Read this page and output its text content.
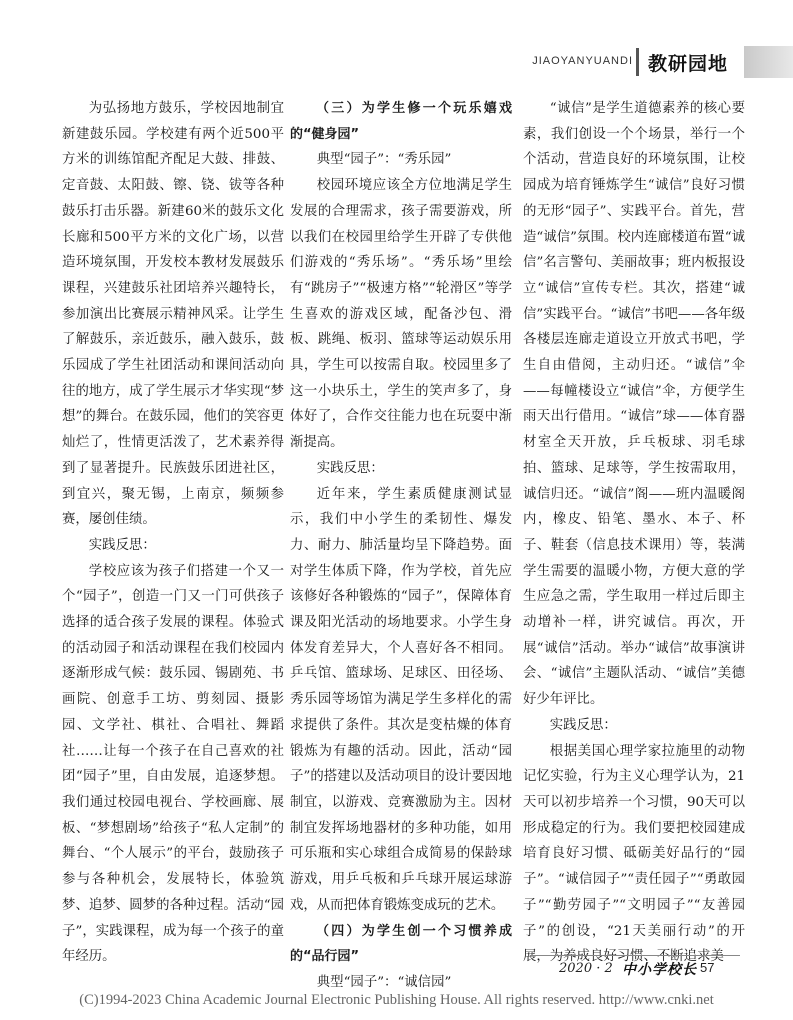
JIAOYANYUANDI 教研园地

为弘扬地方鼓乐，学校因地制宜新建鼓乐园。学校建有两个近500平方米的训练馆配齐配足大鼓、排鼓、定音鼓、太阳鼓、镲、铙、钹等各种鼓乐打击乐器。新建60米的鼓乐文化长廊和500平方米的文化广场，以营造环境氛围，开发校本教材发展鼓乐课程，兴建鼓乐社团培养兴趣特长，参加演出比赛展示精神风采。让学生了解鼓乐，亲近鼓乐，融入鼓乐，鼓乐园成了学生社团活动和课间活动向往的地方，成了学生展示才华实现“梦想”的舞台。在鼓乐园，他们的笑容更灿烂了，性情更活泼了，艺术素养得到了显著提升。民族鼓乐团进社区，到宜兴，聚无锡，上南京，频频参赛，屡创佳绩。

实践反思：

学校应该为孩子们搭建一个又一个“园子”，创造一门又一门可供孩子选择的适合孩子发展的课程。体验式的活动园子和活动课程在我们校园内逐渐形成气候：鼓乐园、锡剧苑、书画院、创意手工坊、剪刻园、摄影园、文学社、棋社、合唱社、舞蹈社……让每一个孩子在自己喜欢的社团“园子”里，自由发展，追逐梦想。我们通过校园电视台、学校画廊、展板、“梦想剧场”给孩子“私人定制”的舞台、“个人展示”的平台，鼓励孩子参与各种机会，发展特长，体验筑梦、追梦、圆梦的各种过程。活动“园子”，实践课程，成为每一个孩子的童年经历。

（三）为学生修一个玩乐嬉戏的“健身园”

典型“园子”：“秀乐园”

校园环境应该全方位地满足学生发展的合理需求，孩子需要游戏，所以我们在校园里给学生开辟了专供他们游戏的“秀乐场”。“秀乐场”里绘有“跳房子”“极速方格”“轮滑区”等学生喜欢的游戏区域，配备沙包、滑板、跳绳、板羽、篮球等运动娱乐用具，学生可以按需自取。校园里多了这一小块乐土，学生的笑声多了，身体好了，合作交往能力也在玩耍中渐渐提高。

实践反思：

近年来，学生素质健康测试显示，我们中小学生的柔韧性、爆发力、耐力、肺活量均呈下降趋势。面对学生体质下降，作为学校，首先应该修好各种锻炼的“园子”，保障体育课及阳光活动的场地要求。小学生身体发育差异大，个人喜好各不相同。乒乓馆、篮球场、足球区、田径场、秀乐园等场馆为满足学生多样化的需求提供了条件。其次是变枯燥的体育锻炼为有趣的活动。因此，活动“园子”的搭建以及活动项目的设计要因地制宜，以游戏、竞赛激励为主。因材制宜发挥场地器材的多种功能，如用可乐瓶和实心球组合成简易的保龄球游戏，用乒乓板和乒乓球开展运球游戏，从而把体育锻炼变成玩的艺术。

（四）为学生创一个习惯养成的“品行园”

典型“园子”：“诚信园”

“诚信”是学生道德素养的核心要素，我们创设一个个场景，举行一个个活动，营造良好的环境氛围，让校园成为培育锤炼学生“诚信”良好习惯的无形“园子”、实践平台。首先，营造“诚信”氛围。校内连廊楼道布置“诚信”名言警句、美丽故事；班内板报设立“诚信”宣传专栏。其次，搭建“诚信”实践平台。“诚信”书吧——各年级各楼层连廊走道设立开放式书吧，学生自由借阅，主动归还。“诚信”伞——每幢楼设立“诚信”伞，方便学生雨天出行借用。“诚信”球——体育器材室全天开放，乒乓板球、羽毛球拍、篮球、足球等，学生按需取用，诚信归还。“诚信”阁——班内温暖阁内，橡皮、铅笔、墨水、本子、杯子、鞋套（信息技术课用）等，装满学生需要的温暖小物，方便大意的学生应急之需，学生取用一样过后即主动增补一样，讲究诚信。再次，开展“诚信”活动。举办“诚信”故事演讲会、“诚信”主题队活动、“诚信”美德好少年评比。

实践反思：

根据美国心理学家拉施里的动物记忆实验，行为主义心理学认为，21天可以初步培养一个习惯，90天可以形成稳定的行为。我们要把校园建成培育良好习惯、砥砺美好品行的“园子”。“诚信园子”“责任园子”“勇敢园子”“勤劳园子”“文明园子”“友善园子”的创设，“21天美丽行动”的开展，为养成良好习惯、不断追求美

2020 · 2 中小学校长 57
(C)1994-2023 China Academic Journal Electronic Publishing House. All rights reserved. http://www.cnki.net
